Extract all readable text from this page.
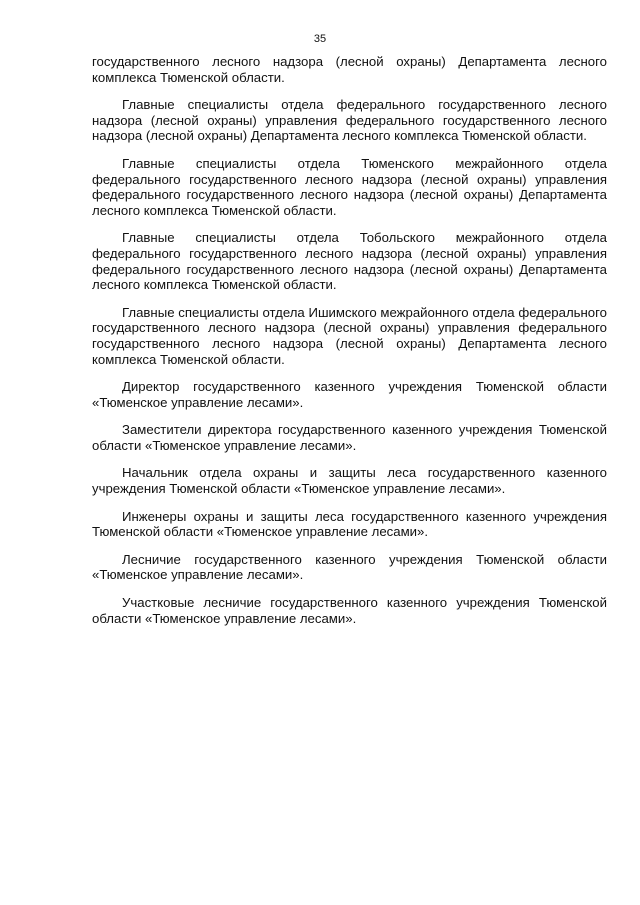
35

государственного лесного надзора (лесной охраны) Департамента лесного комплекса Тюменской области.

Главные специалисты отдела федерального государственного лесного надзора (лесной охраны) управления федерального государственного лесного надзора (лесной охраны) Департамента лесного комплекса Тюменской области.

Главные специалисты отдела Тюменского межрайонного отдела федерального государственного лесного надзора (лесной охраны) управления федерального государственного лесного надзора (лесной охраны) Департамента лесного комплекса Тюменской области.

Главные специалисты отдела Тобольского межрайонного отдела федерального государственного лесного надзора (лесной охраны) управления федерального государственного лесного надзора (лесной охраны) Департамента лесного комплекса Тюменской области.

Главные специалисты отдела Ишимского межрайонного отдела федерального государственного лесного надзора (лесной охраны) управления федерального государственного лесного надзора (лесной охраны) Департамента лесного комплекса Тюменской области.

Директор государственного казенного учреждения Тюменской области «Тюменское управление лесами».

Заместители директора государственного казенного учреждения Тюменской области «Тюменское управление лесами».

Начальник отдела охраны и защиты леса государственного казенного учреждения Тюменской области «Тюменское управление лесами».

Инженеры охраны и защиты леса государственного казенного учреждения Тюменской области «Тюменское управление лесами».

Лесничие государственного казенного учреждения Тюменской области «Тюменское управление лесами».

Участковые лесничие государственного казенного учреждения Тюменской области «Тюменское управление лесами».
